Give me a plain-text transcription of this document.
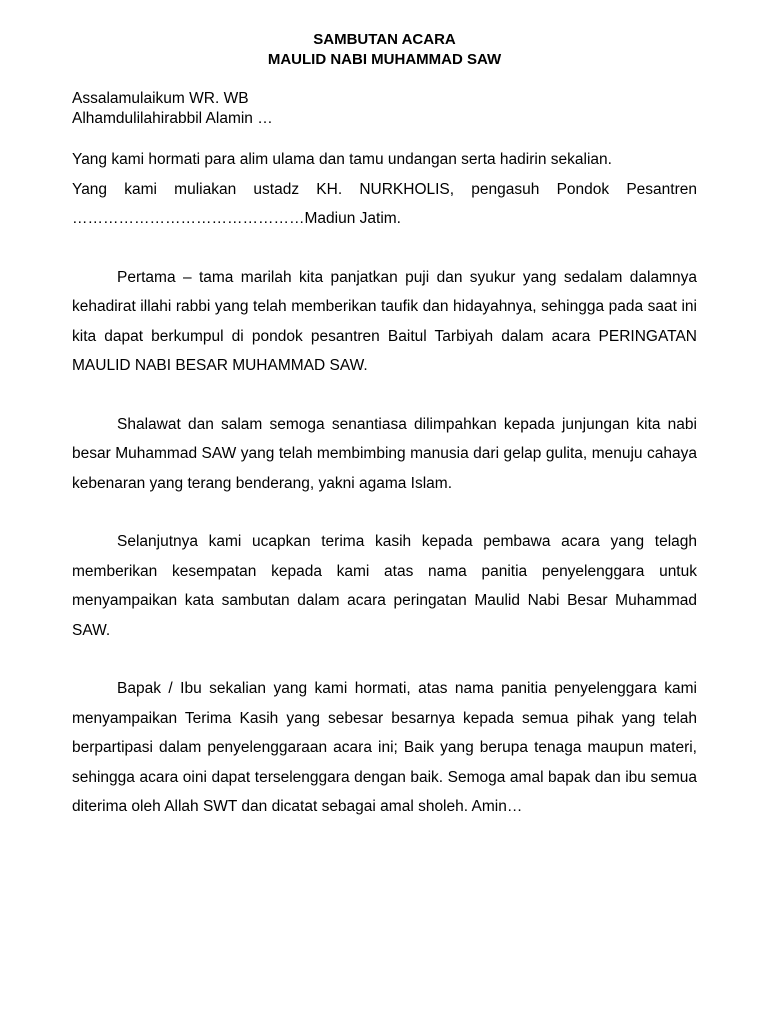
SAMBUTAN ACARA
MAULID NABI MUHAMMAD SAW
Assalamulaikum WR. WB
Alhamdulilahirabbil Alamin …

Yang kami hormati para alim ulama dan tamu undangan serta hadirin sekalian.

Yang kami muliakan ustadz KH. NURKHOLIS, pengasuh Pondok Pesantren

………………………………………Madiun Jatim.

Pertama – tama marilah kita panjatkan puji dan syukur yang sedalam dalamnya kehadirat illahi rabbi yang telah memberikan taufik dan hidayahnya, sehingga pada saat ini kita dapat berkumpul di pondok pesantren Baitul Tarbiyah dalam acara PERINGATAN MAULID NABI BESAR MUHAMMAD SAW.

Shalawat dan salam semoga senantiasa dilimpahkan kepada junjungan kita nabi besar Muhammad SAW yang telah membimbing manusia dari gelap gulita, menuju cahaya kebenaran yang terang benderang, yakni agama Islam.

Selanjutnya kami ucapkan terima kasih kepada pembawa acara yang telagh memberikan kesempatan kepada kami atas nama panitia penyelenggara untuk menyampaikan kata sambutan dalam acara peringatan Maulid Nabi Besar Muhammad SAW.

Bapak / Ibu sekalian yang kami hormati, atas nama panitia penyelenggara kami menyampaikan Terima Kasih yang sebesar besarnya kepada semua pihak yang telah berpartipasi dalam penyelenggaraan acara ini; Baik yang berupa tenaga maupun materi, sehingga acara oini dapat terselenggara dengan baik. Semoga amal bapak dan ibu semua diterima oleh Allah SWT dan dicatat sebagai amal sholeh. Amin…
